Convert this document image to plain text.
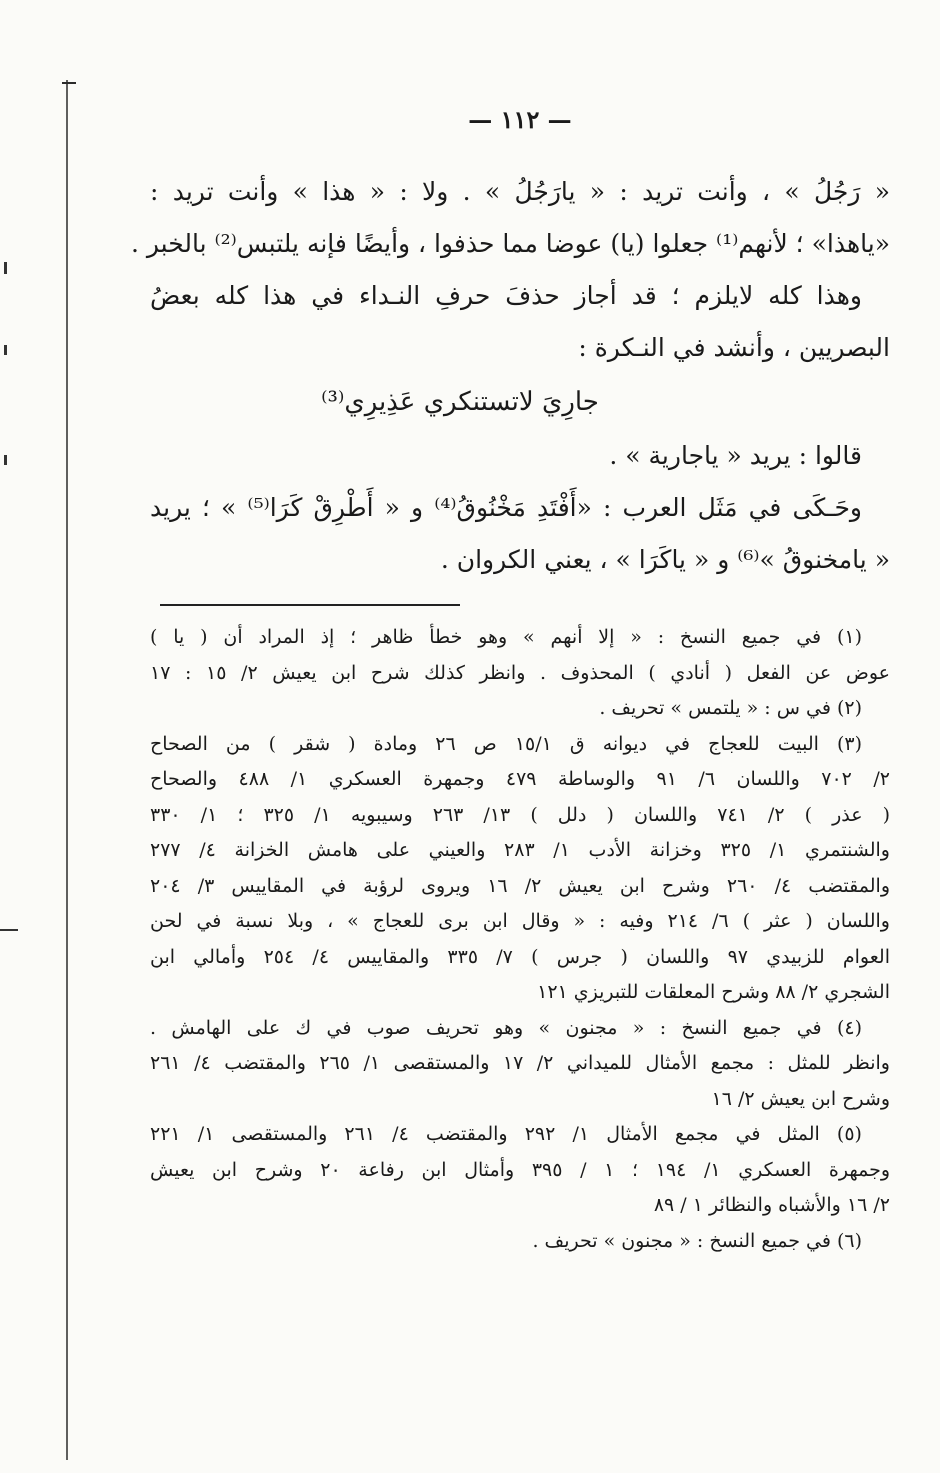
— ١١٢ —
« رَجُلُ » ، وأنت تريد : « يارَجُلُ » . ولا : « هذا » وأنت تريد :
«ياهذا» ؛ لأنهم⁽¹⁾ جعلوا (يا) عوضا مما حذفوا ، وأيضًا فإنه يلتبس⁽²⁾ بالخبر .
وهذا كله لايلزم ؛ قد أجاز حذفَ حرفِ النـداء في هذا كله بعضُ
البصريين ، وأنشد في النـكرة :
جارِيَ لاتستنكري عَذِيرِي⁽³⁾
قالوا : يريد « ياجارية » .
وحَـكَى في مَثَل العرب : «أَفْتَدِ مَخْنُوقُ⁽⁴⁾ و « أَطْرِقْ كَرَا⁽⁵⁾ » ؛ يريد
« يامخنوقُ »⁽⁶⁾ و « ياكَرَا » ، يعني الكروان .
(١) في جميع النسخ : « إلا أنهم » وهو خطأ ظاهر ؛ إذ المراد أن ( يا )
عوض عن الفعل ( أنادي ) المحذوف . وانظر كذلك شرح ابن يعيش ٢/ ١٥ : ١٧
(٢) في س : « يلتمس » تحريف .
(٣) البيت للعجاج في ديوانه ق ١٥/١ ص ٢٦ ومادة ( شقر ) من الصحاح
٢/ ٧٠٢ واللسان ٦/ ٩١ والوساطة ٤٧٩ وجمهرة العسكري ١/ ٤٨٨ والصحاح
( عذر ) ٢/ ٧٤١ واللسان ( دلل ) ١٣/ ٢٦٣ وسيبويه ١/ ٣٢٥ ؛ ١/ ٣٣٠
والشنتمري ١/ ٣٢٥ وخزانة الأدب ١/ ٢٨٣ والعيني على هامش الخزانة ٤/ ٢٧٧
والمقتضب ٤/ ٢٦٠ وشرح ابن يعيش ٢/ ١٦ ويروى لرؤبة في المقاييس ٣/ ٢٠٤
واللسان ( عثر ) ٦/ ٢١٤ وفيه : « وقال ابن برى للعجاج » ، وبلا نسبة في لحن
العوام للزبيدي ٩٧ واللسان ( جرس ) ٧/ ٣٣٥ والمقاييس ٤/ ٢٥٤ وأمالي ابن
الشجري ٢/ ٨٨ وشرح المعلقات للتبريزي ١٢١
(٤) في جميع النسخ : « مجنون » وهو تحريف صوب في ك على الهامش .
وانظر للمثل : مجمع الأمثال للميداني ٢/ ١٧ والمستقصى ١/ ٢٦٥ والمقتضب ٤/ ٢٦١
وشرح ابن يعيش ٢/ ١٦
(٥) المثل في مجمع الأمثال ١/ ٢٩٢ والمقتضب ٤/ ٢٦١ والمستقصى ١/ ٢٢١
وجمهرة العسكري ١/ ١٩٤ ؛ ١ / ٣٩٥ وأمثال ابن رفاعة ٢٠ وشرح ابن يعيش
٢/ ١٦ والأشباه والنظائر ١ / ٨٩
(٦) في جميع النسخ : « مجنون » تحريف .
